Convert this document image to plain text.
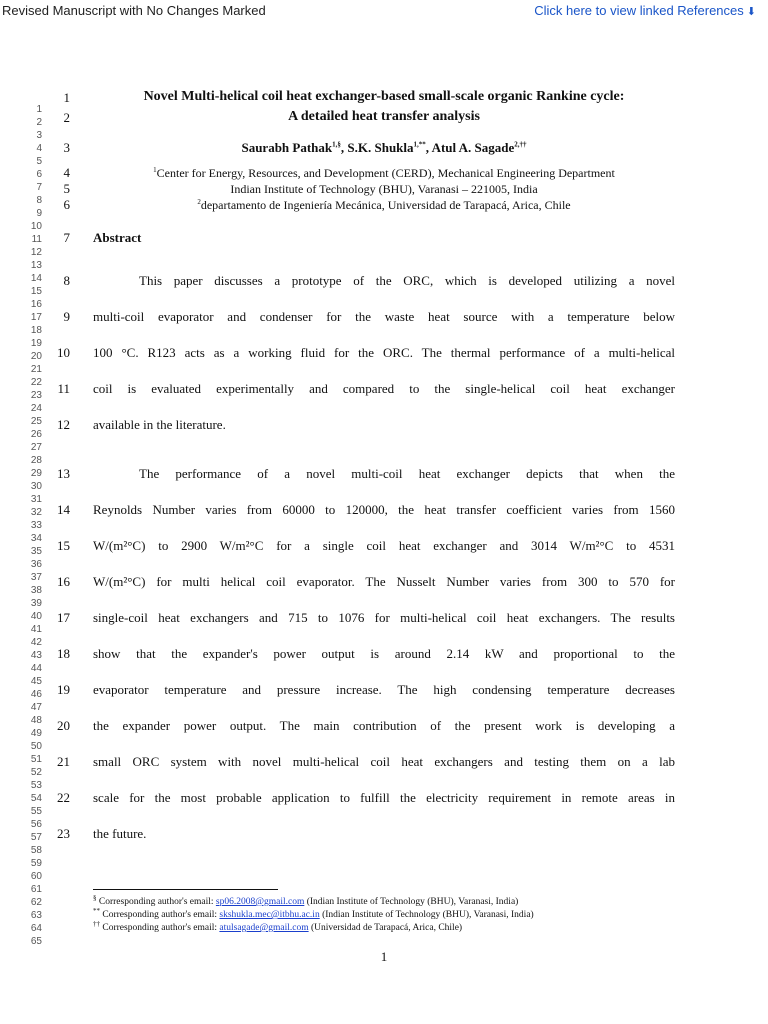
Revised Manuscript with No Changes Marked	Click here to view linked References ⬇
1
2
3
4
5
6
7
8
9
10
11
12
13
14
15
16
17
18
19
20
21
22
23
24
25
26
27
28
29
30
31
32
33
34
35
36
37
38
39
40
41
42
43
44
45
46
47
48
49
50
51
52
53
54
55
56
57
58
59
60
61
62
63
64
65
1
2
3
4
5
6
7
8
9
10
11
12
13
14
15
16
17
18
19
20
21
22
23
Novel Multi-helical coil heat exchanger-based small-scale organic Rankine cycle:
A detailed heat transfer analysis
Saurabh Pathak$^{1,\S}$, S.K. Shukla$^{1,**}$, Atul A. Sagade$^{2,\dagger\dagger}$
$^1$Center for Energy, Resources, and Development (CERD), Mechanical Engineering Department
Indian Institute of Technology (BHU), Varanasi – 221005, India
$^2$departamento de Ingeniería Mecánica, Universidad de Tarapacá, Arica, Chile
Abstract
This paper discusses a prototype of the ORC, which is developed utilizing a novel
multi-coil evaporator and condenser for the waste heat source with a temperature below
100 °C. R123 acts as a working fluid for the ORC. The thermal performance of a multi-helical
coil is evaluated experimentally and compared to the single-helical coil heat exchanger
available in the literature.
The performance of a novel multi-coil heat exchanger depicts that when the
Reynolds Number varies from 60000 to 120000, the heat transfer coefficient varies from 1560
W/(m²°C) to 2900 W/m²°C for a single coil heat exchanger and 3014 W/m²°C to 4531
W/(m²°C) for multi helical coil evaporator. The Nusselt Number varies from 300 to 570 for
single-coil heat exchangers and 715 to 1076 for multi-helical coil heat exchangers. The results
show that the expander's power output is around 2.14 kW and proportional to the
evaporator temperature and pressure increase. The high condensing temperature decreases
the expander power output. The main contribution of the present work is developing a
small ORC system with novel multi-helical coil heat exchangers and testing them on a lab
scale for the most probable application to fulfill the electricity requirement in remote areas in
the future.
§ Corresponding author's email: sp06.2008@gmail.com (Indian Institute of Technology (BHU), Varanasi, India)
** Corresponding author's email: skshukla.mec@itbhu.ac.in (Indian Institute of Technology (BHU), Varanasi, India)
†† Corresponding author's email: atulsagade@gmail.com (Universidad de Tarapacá, Arica, Chile)
1
